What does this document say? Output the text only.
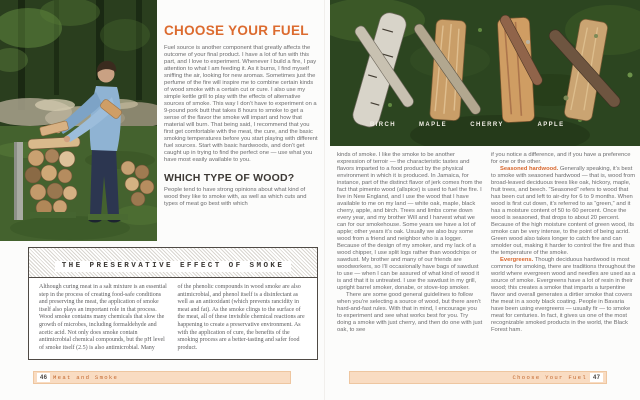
CHOOSE YOUR FUEL

Fuel source is another component that greatly affects the outcome of your final product. I have a lot of fun with this part, and I love to experiment. Whenever I build a fire, I pay attention to what I am feeding it. As it burns, I find myself sniffing the air, looking for new aromas. Sometimes just the perfume of the fire will inspire me to combine certain kinds of wood smoke with a certain cut or cure. I also use my simple kettle grill to play with the effects of alternative sources of smoke. This way I don’t have to experiment on a 9-pound pork butt that takes 8 hours to smoke to get a sense of the flavor the smoke will impart and how that material will burn. That being said, I recommend that you first get comfortable with the meat, the cure, and the basic smoking temperatures before you start playing with different fuel sources. Start with basic hardwoods, and don’t get caught up in trying to find the perfect one — use what you have most easily available to you.

WHICH TYPE OF WOOD?

People tend to have strong opinions about what kind of wood they like to smoke with, as well as which cuts and types of meat go best with which

THE PRESERVATIVE EFFECT OF SMOKE

Although curing meat in a salt mixture is an essential step in the process of creating food-safe conditions and preserving the meat, the application of smoke itself also plays an important role in that process. Wood smoke contains many chemicals that slow the growth of microbes, including formaldehyde and acetic acid. Not only does smoke contain antimicrobial chemical compounds, but the pH level of smoke itself (2.5) is also antimicrobial. Many

of the phenolic compounds in wood smoke are also antimicrobial, and phenol itself is a disinfectant as well as an antioxidant (which prevents rancidity in meat and fat). As the smoke clings to the surface of the meat, all of these invisible chemical reactions are happening to create a preservative environment. As with the application of cure, the benefits of the smoking process are a better-tasting and safer food product.

46	Meat and Smoke
BIRCH	MAPLE	CHERRY	APPLE

kinds of smoke. I like the smoke to be another expression of terroir — the characteristic tastes and flavors imparted to a food product by the physical environment in which it is produced. In Jamaica, for instance, part of the distinct flavor of jerk comes from the fact that pimento wood (allspice) is used to fuel the fire. I live in New England, and I use the wood that I have available to me on my land — white oak, maple, black cherry, apple, and birch. Trees and limbs come down every year, and my brother Will and I harvest what we can for our smokehouse. Some years we have a lot of apple; other years it’s oak. Usually we also buy some wood from a friend and neighbor who is a logger. Because of the design of my smoker, and my lack of a wood chipper, I use split logs rather than woodchips or sawdust. My brother and many of our friends are woodworkers, so I’ll occasionally have bags of sawdust to use — when I can be assured of what kind of wood it is and that it is untreated. I use the sawdust in my grill, upright barrel smoker, donabe, or stove-top smoker.

There are some good general guidelines to follow when you’re selecting a source of wood, but there aren’t hard-and-fast rules. With that in mind, I encourage you to experiment and see what works best for you. Try doing a smoke with just cherry, and then do one with just oak, to see

if you notice a difference, and if you have a preference for one or the other.

Seasoned hardwood. Generally speaking, it’s best to smoke with seasoned hardwood — that is, wood from broad-leaved deciduous trees like oak, hickory, maple, fruit trees, and beech. “Seasoned” refers to wood that has been cut and left to air-dry for 6 to 9 months. When wood is first cut down, it’s referred to as “green,” and it has a moisture content of 50 to 60 percent. Once the wood is seasoned, that drops to about 20 percent. Because of the high moisture content of green wood, its smoke can be very intense, to the point of being acrid. Green wood also takes longer to catch fire and can smolder out, making it harder to control the fire and thus the temperature of the smoke.

Evergreens. Though deciduous hardwood is most common for smoking, there are traditions throughout the world where evergreen wood and needles are used as a source of smoke. Evergreens have a lot of resin in their wood; this creates a smoke that imparts a turpentine flavor and overall generates a dirtier smoke that covers the meat in a sooty black coating. People in Bavaria have been using evergreens — usually fir — to smoke meat for centuries. In fact, it gives us one of the most recognizable smoked products in the world, the Black Forest ham.

Choose Your Fuel 47
